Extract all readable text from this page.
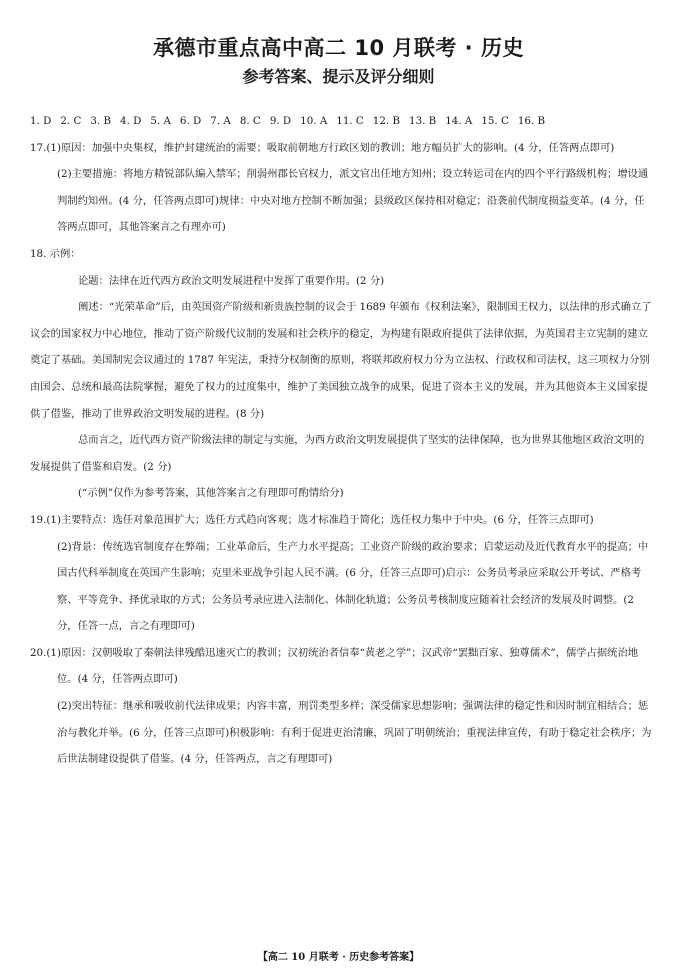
承德市重点高中高二 10 月联考 · 历史
参考答案、提示及评分细则

1. D 2. C 3. B 4. D 5. A 6. D 7. A 8. C 9. D 10. A 11. C 12. B 13. B 14. A 15. C 16. B

17.(1)原因：加强中央集权，维护封建统治的需要；吸取前朝地方行政区划的教训；地方幅员扩大的影响。(4 分，任答两点即可)

(2)主要措施：将地方精锐部队编入禁军；削弱州郡长官权力，派文官出任地方知州；设立转运司在内的四个平行路级机构；增设通判制约知州。(4 分，任答两点即可)规律：中央对地方控制不断加强；县级政区保持相对稳定；沿袭前代制度损益变革。(4 分，任答两点即可，其他答案言之有理亦可)

18. 示例：

论题：法律在近代西方政治文明发展进程中发挥了重要作用。(2 分)

阐述：“光荣革命”后，由英国资产阶级和新贵族控制的议会于 1689 年颁布《权利法案》，限制国王权力，以法律的形式确立了议会的国家权力中心地位，推动了资产阶级代议制的发展和社会秩序的稳定，为构建有限政府提供了法律依据，为英国君主立宪制的建立奠定了基础。美国制宪会议通过的 1787 年宪法，秉持分权制衡的原则，将联邦政府权力分为立法权、行政权和司法权，这三项权力分别由国会、总统和最高法院掌握，避免了权力的过度集中，维护了美国独立战争的成果，促进了资本主义的发展，并为其他资本主义国家提供了借鉴，推动了世界政治文明发展的进程。(8 分)

总而言之，近代西方资产阶级法律的制定与实施，为西方政治文明发展提供了坚实的法律保障，也为世界其他地区政治文明的发展提供了借鉴和启发。(2 分)

(“示例”仅作为参考答案，其他答案言之有理即可酌情给分)

19.(1)主要特点：选任对象范围扩大；选任方式趋向客观；选才标准趋于简化；选任权力集中于中央。(6 分，任答三点即可)

(2)背景：传统选官制度存在弊端；工业革命后，生产力水平提高；工业资产阶级的政治要求；启蒙运动及近代教育水平的提高；中国古代科举制度在英国产生影响；克里米亚战争引起人民不满。(6 分，任答三点即可)启示：公务员考录应采取公开考试、严格考察、平等竞争、择优录取的方式；公务员考录应进入法制化、体制化轨道；公务员考核制度应随着社会经济的发展及时调整。(2 分，任答一点，言之有理即可)

20.(1)原因：汉朝吸取了秦朝法律残酷迅速灭亡的教训；汉初统治者信奉“黄老之学”；汉武帝“罢黜百家、独尊儒术”，儒学占据统治地位。(4 分，任答两点即可)

(2)突出特征：继承和吸收前代法律成果；内容丰富，刑罚类型多样；深受儒家思想影响；强调法律的稳定性和因时制宜相结合；惩治与教化并举。(6 分，任答三点即可)积极影响：有利于促进吏治清廉，巩固了明朝统治；重视法律宣传，有助于稳定社会秩序；为后世法制建设提供了借鉴。(4 分，任答两点，言之有理即可)

【高二 10 月联考 · 历史参考答案】
